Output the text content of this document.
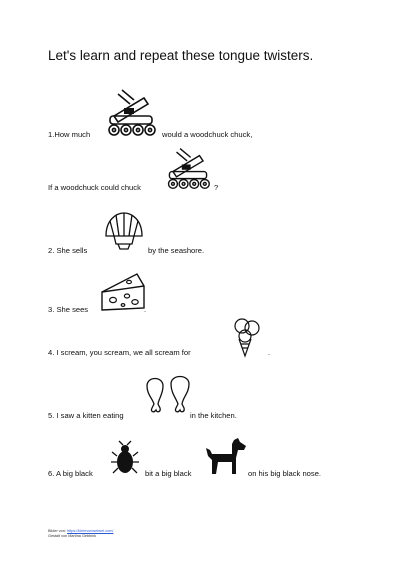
Let's learn and repeat these tongue twisters.
1.How much	would a woodchuck chuck,
If a woodchuck could chuck	?
2. She sells	by the seashore.
3. She sees	.
4. I scream, you scream, we all scream for	.
5. I saw a kitten eating	in the kitchen.
6. A big black	bit a big black	on his big black nose.
Bilder von: https://kleinvonwebsel.com/
Gestalt von Martina Gebbink
